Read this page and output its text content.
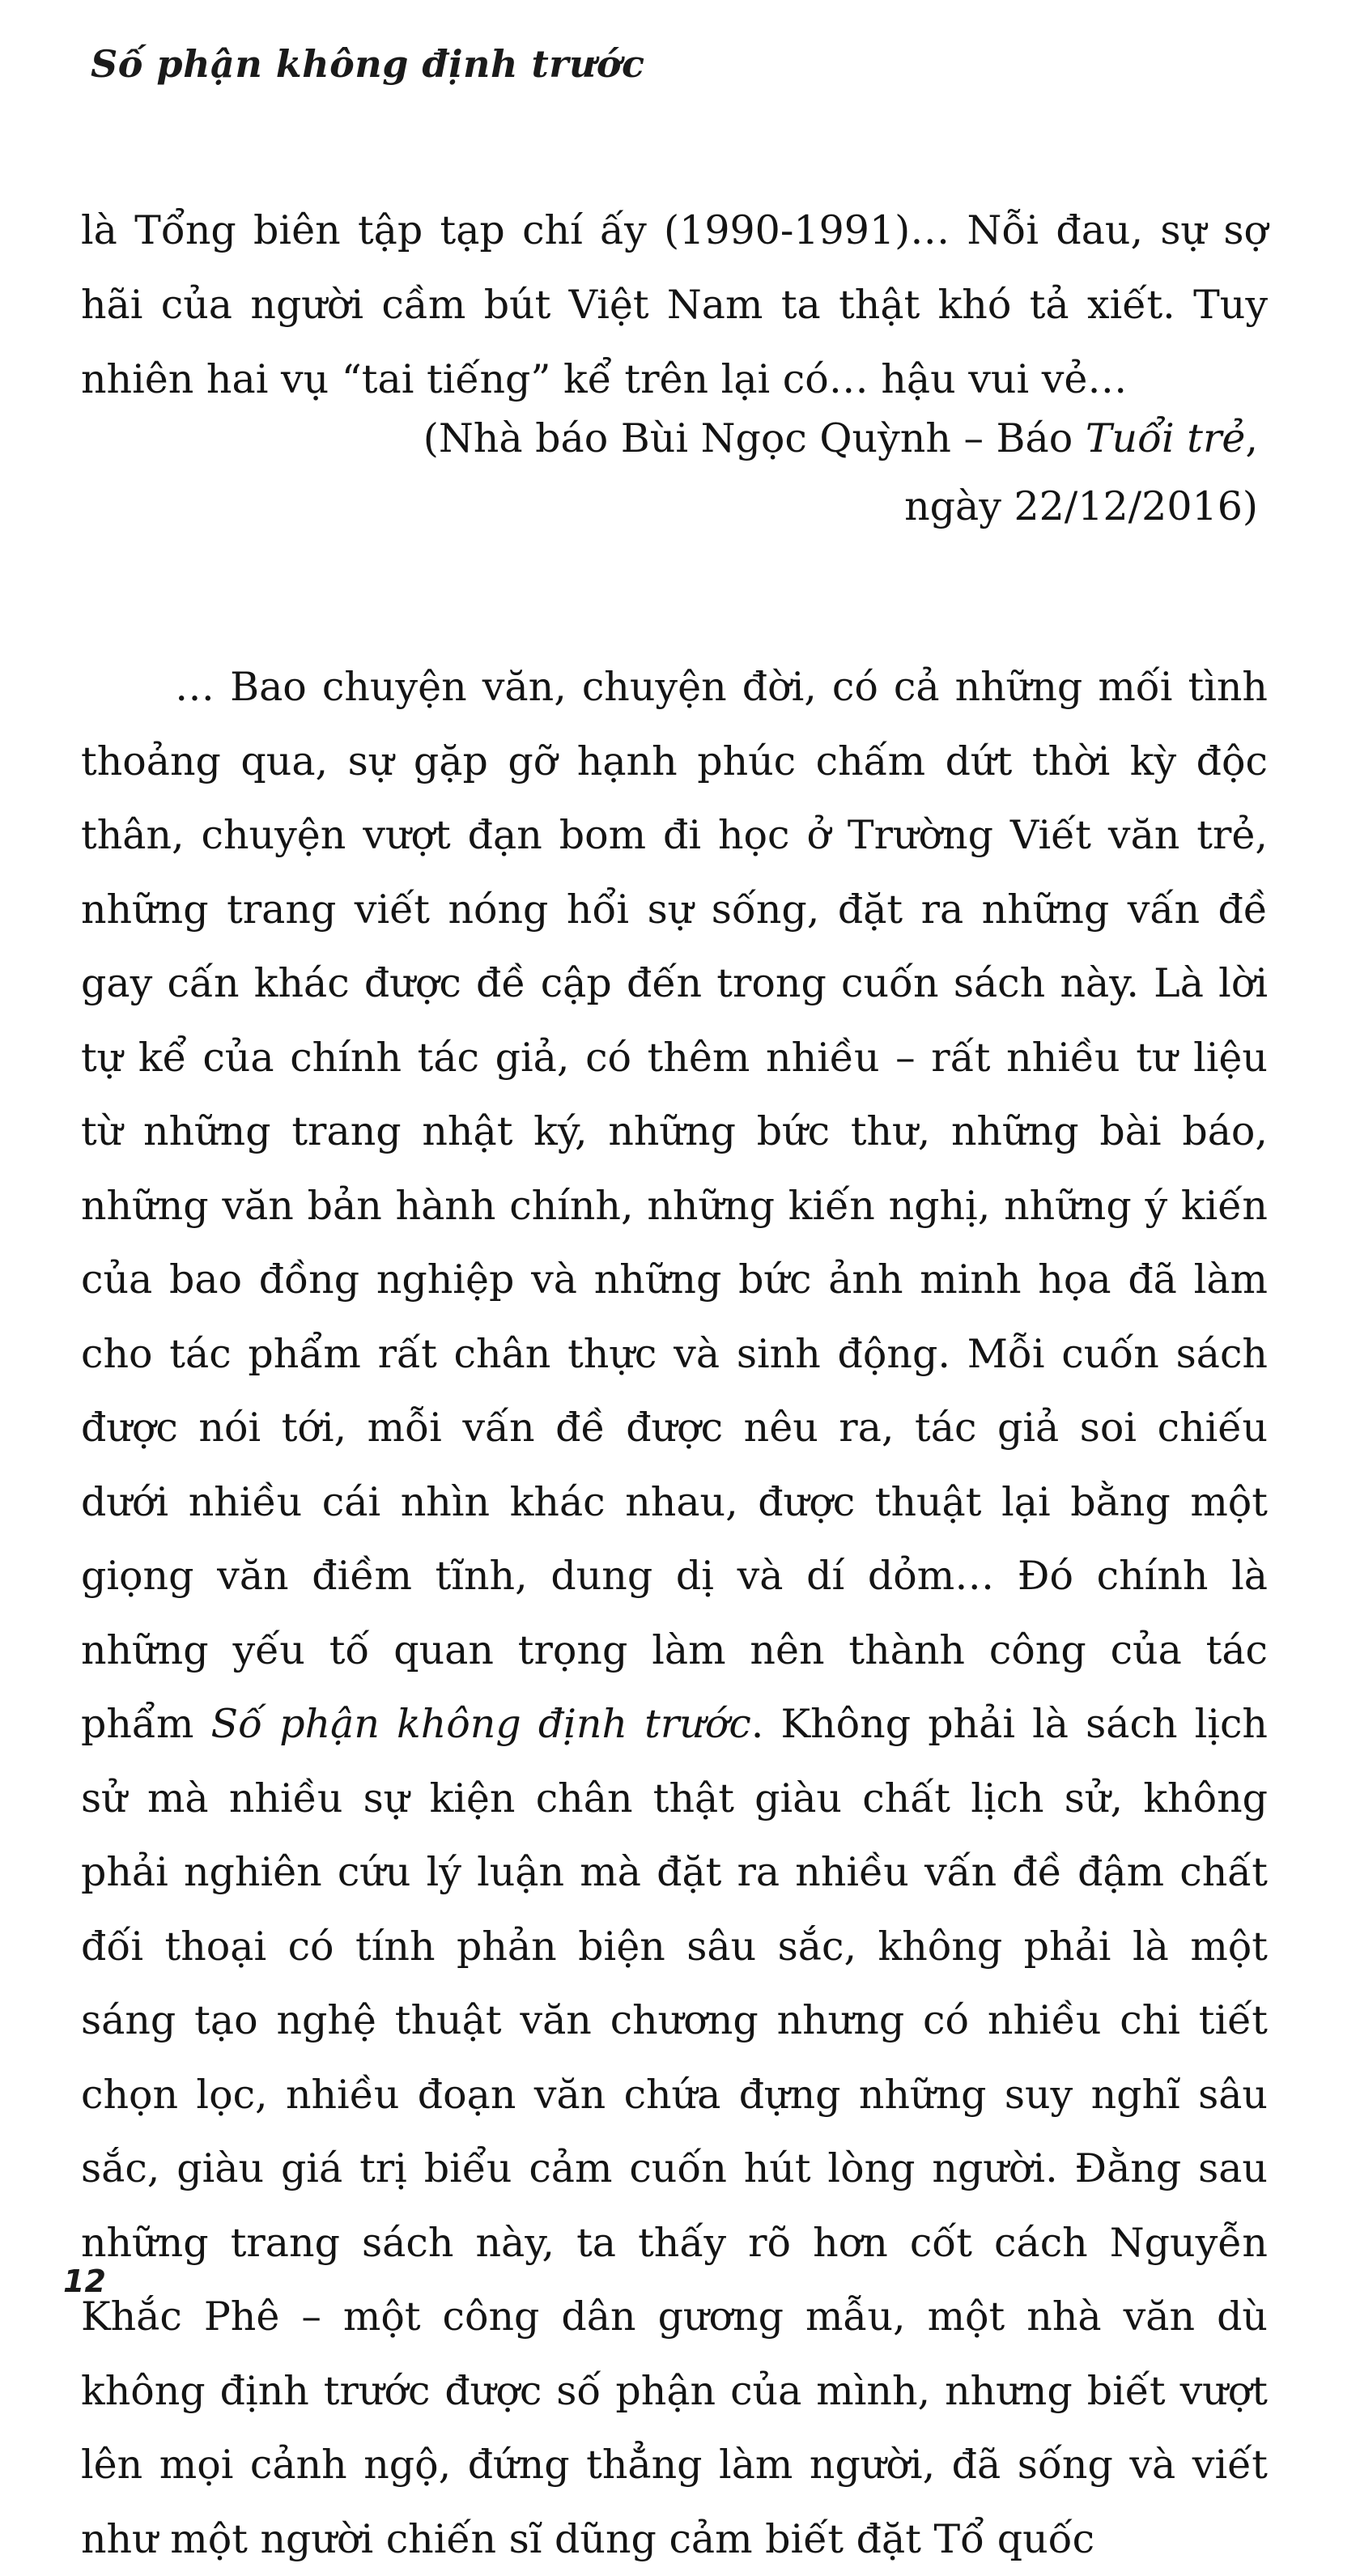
Số phận không định trước

là Tổng biên tập tạp chí ấy (1990-1991)… Nỗi đau, sự sợ hãi của người cầm bút Việt Nam ta thật khó tả xiết. Tuy nhiên hai vụ “tai tiếng” kể trên lại có… hậu vui vẻ…

(Nhà báo Bùi Ngọc Quỳnh – Báo Tuổi trẻ,
ngày 22/12/2016)

… Bao chuyện văn, chuyện đời, có cả những mối tình thoảng qua, sự gặp gỡ hạnh phúc chấm dứt thời kỳ độc thân, chuyện vượt đạn bom đi học ở Trường Viết văn trẻ, những trang viết nóng hổi sự sống, đặt ra những vấn đề gay cấn khác được đề cập đến trong cuốn sách này. Là lời tự kể của chính tác giả, có thêm nhiều – rất nhiều tư liệu từ những trang nhật ký, những bức thư, những bài báo, những văn bản hành chính, những kiến nghị, những ý kiến của bao đồng nghiệp và những bức ảnh minh họa đã làm cho tác phẩm rất chân thực và sinh động. Mỗi cuốn sách được nói tới, mỗi vấn đề được nêu ra, tác giả soi chiếu dưới nhiều cái nhìn khác nhau, được thuật lại bằng một giọng văn điềm tĩnh, dung dị và dí dỏm… Đó chính là những yếu tố quan trọng làm nên thành công của tác phẩm Số phận không định trước. Không phải là sách lịch sử mà nhiều sự kiện chân thật giàu chất lịch sử, không phải nghiên cứu lý luận mà đặt ra nhiều vấn đề đậm chất đối thoại có tính phản biện sâu sắc, không phải là một sáng tạo nghệ thuật văn chương nhưng có nhiều chi tiết chọn lọc, nhiều đoạn văn chứa đựng những suy nghĩ sâu sắc, giàu giá trị biểu cảm cuốn hút lòng người. Đằng sau những trang sách này, ta thấy rõ hơn cốt cách Nguyễn Khắc Phê – một công dân gương mẫu, một nhà văn dù không định trước được số phận của mình, nhưng biết vượt lên mọi cảnh ngộ, đứng thẳng làm người, đã sống và viết như một người chiến sĩ dũng cảm biết đặt Tổ quốc

12
